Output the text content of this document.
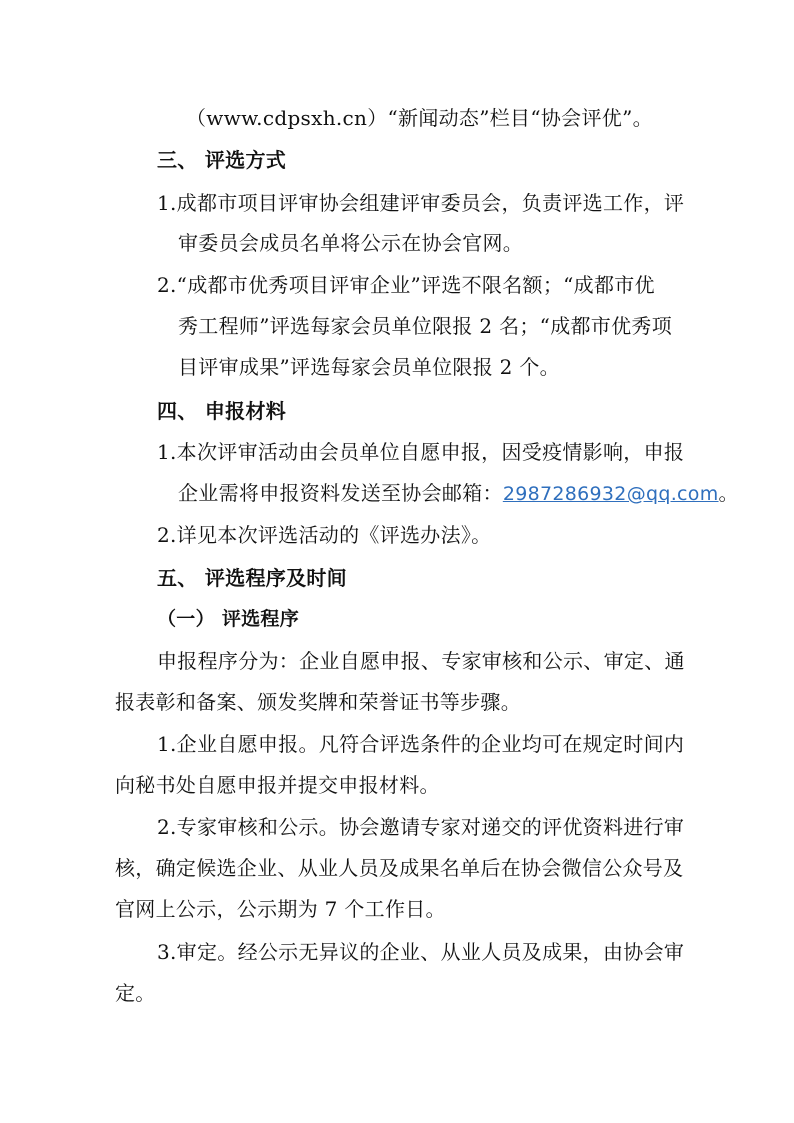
（www.cdpsxh.cn）“新闻动态”栏目“协会评优”。
三、 评选方式
1.成都市项目评审协会组建评审委员会，负责评选工作，评
审委员会成员名单将公示在协会官网。
2.“成都市优秀项目评审企业”评选不限名额；“成都市优
秀工程师”评选每家会员单位限报 2 名；“成都市优秀项
目评审成果”评选每家会员单位限报 2 个。
四、 申报材料
1.本次评审活动由会员单位自愿申报，因受疫情影响，申报
企业需将申报资料发送至协会邮箱：2987286932@qq.com。
2.详见本次评选活动的《评选办法》。
五、 评选程序及时间
（一） 评选程序
申报程序分为：企业自愿申报、专家审核和公示、审定、通
报表彰和备案、颁发奖牌和荣誉证书等步骤。
1.企业自愿申报。凡符合评选条件的企业均可在规定时间内
向秘书处自愿申报并提交申报材料。
2.专家审核和公示。协会邀请专家对递交的评优资料进行审
核，确定候选企业、从业人员及成果名单后在协会微信公众号及
官网上公示，公示期为 7 个工作日。
3.审定。经公示无异议的企业、从业人员及成果，由协会审
定。
